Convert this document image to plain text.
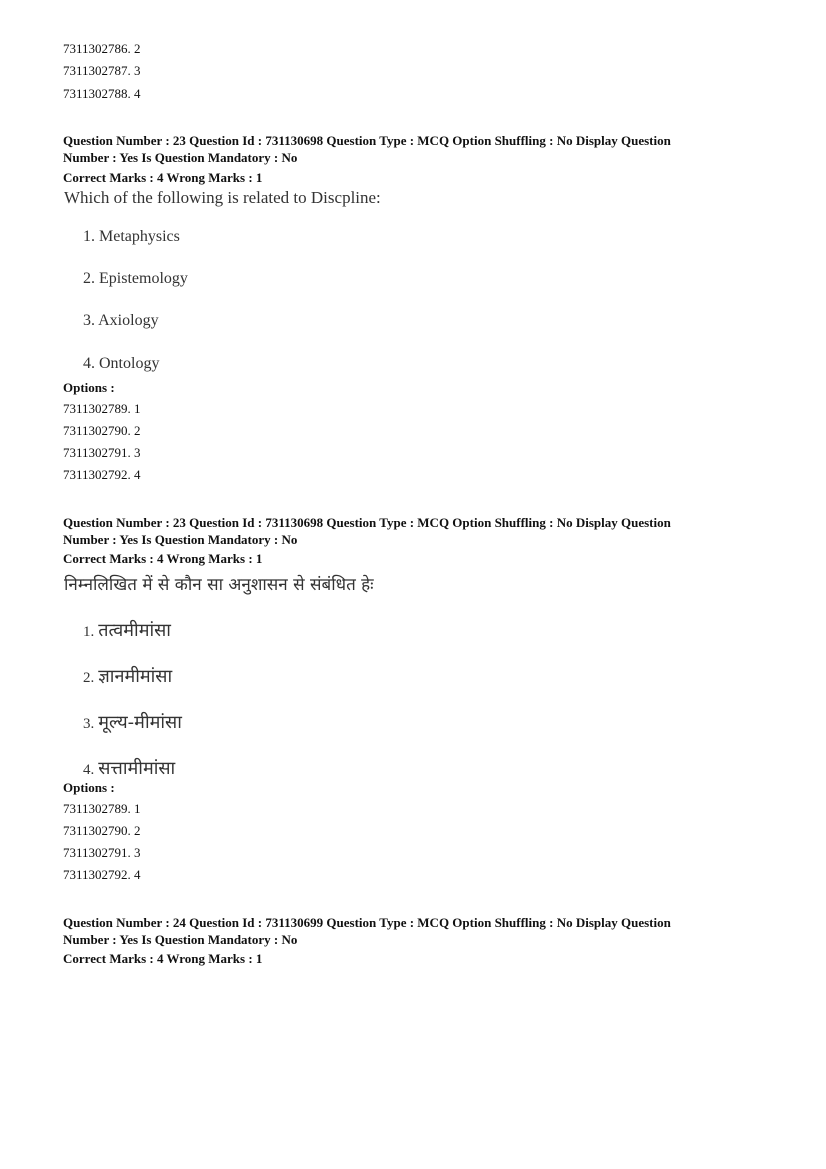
7311302786. 2
7311302787. 3
7311302788. 4
Question Number : 23 Question Id : 731130698 Question Type : MCQ Option Shuffling : No Display Question
Number : Yes Is Question Mandatory : No
Correct Marks : 4 Wrong Marks : 1
Which of the following is related to Discpline:
1. Metaphysics
2. Epistemology
3. Axiology
4. Ontology
Options :
7311302789. 1
7311302790. 2
7311302791. 3
7311302792. 4
Question Number : 23 Question Id : 731130698 Question Type : MCQ Option Shuffling : No Display Question
Number : Yes Is Question Mandatory : No
Correct Marks : 4 Wrong Marks : 1
निम्नलिखित में से कौन सा अनुशासन से संबंधित हेः
1. तत्वमीमांसा
2. ज्ञानमीमांसा
3. मूल्य-मीमांसा
4. सत्तामीमांसा
Options :
7311302789. 1
7311302790. 2
7311302791. 3
7311302792. 4
Question Number : 24 Question Id : 731130699 Question Type : MCQ Option Shuffling : No Display Question
Number : Yes Is Question Mandatory : No
Correct Marks : 4 Wrong Marks : 1
